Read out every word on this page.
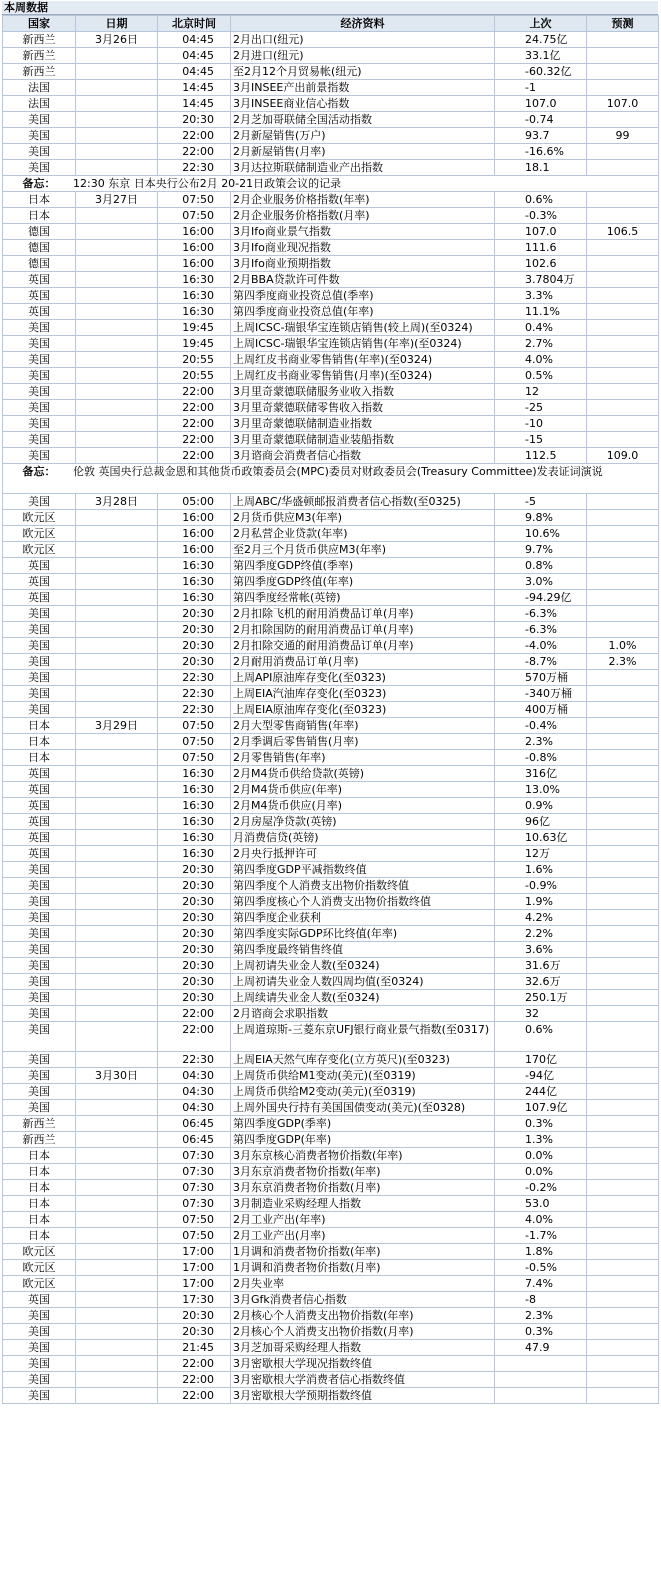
本周数据
国家	日期	北京时间	经济资料	上次	预测
新西兰	3月26日	04:45	2月出口(纽元)	24.75亿	
新西兰		04:45	2月进口(纽元)	33.1亿	
新西兰		04:45	至2月12个月贸易帐(纽元)	-60.32亿	
法国		14:45	3月INSEE产出前景指数	-1	
法国		14:45	3月INSEE商业信心指数	107.0	107.0
美国		20:30	2月芝加哥联储全国活动指数	-0.74	
美国		22:00	2月新屋销售(万户)	93.7	99
美国		22:00	2月新屋销售(月率)	-16.6%	
美国		22:30	3月达拉斯联储制造业产出指数	18.1	
备忘： 12:30 东京 日本央行公布2月 20-21日政策会议的记录					
日本	3月27日	07:50	2月企业服务价格指数(年率)	0.6%	
日本		07:50	2月企业服务价格指数(月率)	-0.3%	
德国		16:00	3月Ifo商业景气指数	107.0	106.5
德国		16:00	3月Ifo商业现况指数	111.6	
德国		16:00	3月Ifo商业预期指数	102.6	
英国		16:30	2月BBA贷款许可件数	3.7804万	
英国		16:30	第四季度商业投资总值(季率)	3.3%	
英国		16:30	第四季度商业投资总值(年率)	11.1%	
美国		19:45	上周ICSC-瑞银华宝连锁店销售(较上周)(至0324)	0.4%	
美国		19:45	上周ICSC-瑞银华宝连锁店销售(年率)(至0324)	2.7%	
美国		20:55	上周红皮书商业零售销售(年率)(至0324)	4.0%	
美国		20:55	上周红皮书商业零售销售(月率)(至0324)	0.5%	
美国		22:00	3月里奇蒙德联储服务业收入指数	12	
美国		22:00	3月里奇蒙德联储零售收入指数	-25	
美国		22:00	3月里奇蒙德联储制造业指数	-10	
美国		22:00	3月里奇蒙德联储制造业装船指数	-15	
美国		22:00	3月谘商会消费者信心指数	112.5	109.0
备忘： 伦敦 英国央行总裁金恩和其他货币政策委员会(MPC)委员对财政委员会(Treasury Committee)发表证词演说					
美国	3月28日	05:00	上周ABC/华盛顿邮报消费者信心指数(至0325)	-5	
欧元区		16:00	2月货币供应M3(年率)	9.8%	
欧元区		16:00	2月私营企业贷款(年率)	10.6%	
欧元区		16:00	至2月三个月货币供应M3(年率)	9.7%	
英国		16:30	第四季度GDP终值(季率)	0.8%	
英国		16:30	第四季度GDP终值(年率)	3.0%	
英国		16:30	第四季度经常帐(英镑)	-94.29亿	
美国		20:30	2月扣除飞机的耐用消费品订单(月率)	-6.3%	
美国		20:30	2月扣除国防的耐用消费品订单(月率)	-6.3%	
美国		20:30	2月扣除交通的耐用消费品订单(月率)	-4.0%	1.0%
美国		20:30	2月耐用消费品订单(月率)	-8.7%	2.3%
美国		22:30	上周API原油库存变化(至0323)	570万桶	
美国		22:30	上周EIA汽油库存变化(至0323)	-340万桶	
美国		22:30	上周EIA原油库存变化(至0323)	400万桶	
日本	3月29日	07:50	2月大型零售商销售(年率)	-0.4%	
日本		07:50	2月季调后零售销售(月率)	2.3%	
日本		07:50	2月零售销售(年率)	-0.8%	
英国		16:30	2月M4货币供给贷款(英镑)	316亿	
英国		16:30	2月M4货币供应(年率)	13.0%	
英国		16:30	2月M4货币供应(月率)	0.9%	
英国		16:30	2月房屋净贷款(英镑)	96亿	
英国		16:30	月消费信贷(英镑)	10.63亿	
英国		16:30	2月央行抵押许可	12万	
美国		20:30	第四季度GDP平减指数终值	1.6%	
美国		20:30	第四季度个人消费支出物价指数终值	-0.9%	
美国		20:30	第四季度核心个人消费支出物价指数终值	1.9%	
美国		20:30	第四季度企业获利	4.2%	
美国		20:30	第四季度实际GDP环比终值(年率)	2.2%	
美国		20:30	第四季度最终销售终值	3.6%	
美国		20:30	上周初请失业金人数(至0324)	31.6万	
美国		20:30	上周初请失业金人数四周均值(至0324)	32.6万	
美国		20:30	上周续请失业金人数(至0324)	250.1万	
美国		22:00	2月谘商会求职指数	32	
美国		22:00	上周道琼斯-三菱东京UFJ银行商业景气指数(至0317)	0.6%	
美国		22:30	上周EIA天然气库存变化(立方英尺)(至0323)	170亿	
美国	3月30日	04:30	上周货币供给M1变动(美元)(至0319)	-94亿	
美国		04:30	上周货币供给M2变动(美元)(至0319)	244亿	
美国		04:30	上周外国央行持有美国国债变动(美元)(至0328)	107.9亿	
新西兰		06:45	第四季度GDP(季率)	0.3%	
新西兰		06:45	第四季度GDP(年率)	1.3%	
日本		07:30	3月东京核心消费者物价指数(年率)	0.0%	
日本		07:30	3月东京消费者物价指数(年率)	0.0%	
日本		07:30	3月东京消费者物价指数(月率)	-0.2%	
日本		07:30	3月制造业采购经理人指数	53.0	
日本		07:50	2月工业产出(年率)	4.0%	
日本		07:50	2月工业产出(月率)	-1.7%	
欧元区		17:00	1月调和消费者物价指数(年率)	1.8%	
欧元区		17:00	1月调和消费者物价指数(月率)	-0.5%	
欧元区		17:00	2月失业率	7.4%	
英国		17:30	3月Gfk消费者信心指数	-8	
美国		20:30	2月核心个人消费支出物价指数(年率)	2.3%	
美国		20:30	2月核心个人消费支出物价指数(月率)	0.3%	
美国		21:45	3月芝加哥采购经理人指数	47.9	
美国		22:00	3月密歇根大学现况指数终值		
美国		22:00	3月密歇根大学消费者信心指数终值		
美国		22:00	3月密歇根大学预期指数终值		
